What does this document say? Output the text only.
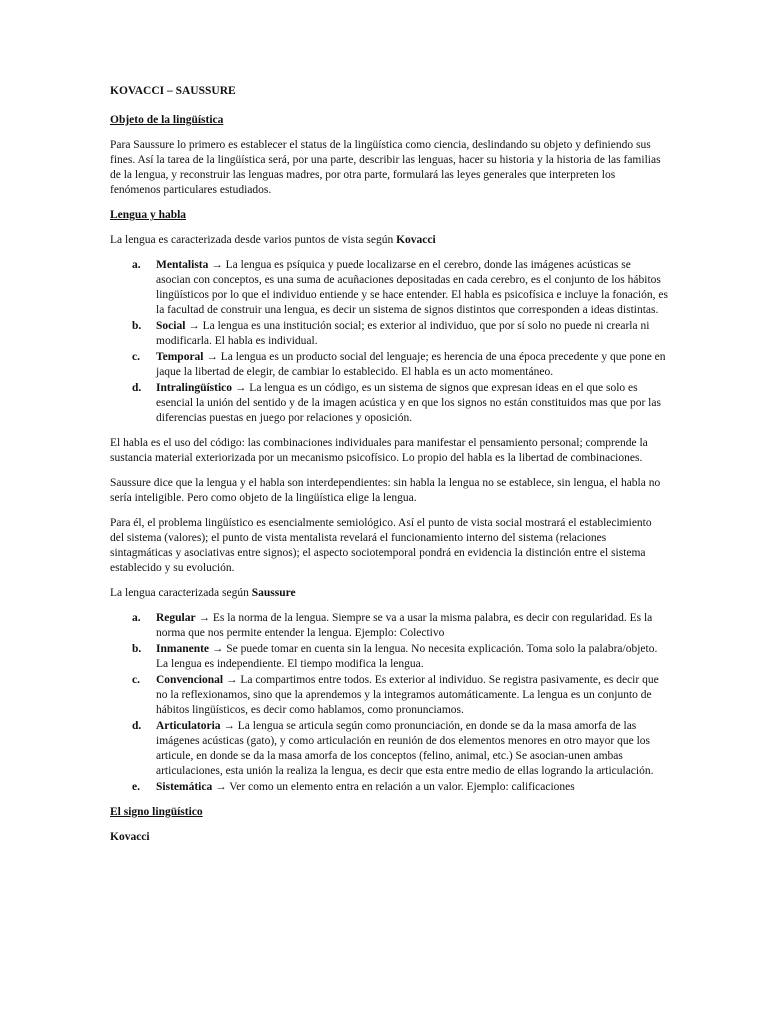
KOVACCI – SAUSSURE
Objeto de la lingüística

Para Saussure lo primero es establecer el status de la lingüística como ciencia, deslindando su objeto y definiendo sus fines. Así la tarea de la lingüística será, por una parte, describir las lenguas, hacer su historia y la historia de las familias de la lengua, y reconstruir las lenguas madres, por otra parte, formulará las leyes generales que interpreten los fenómenos particulares estudiados.

Lengua y habla

La lengua es caracterizada desde varios puntos de vista según Kovacci

a. Mentalista → La lengua es psíquica y puede localizarse en el cerebro, donde las imágenes acústicas se asocian con conceptos, es una suma de acuñaciones depositadas en cada cerebro, es el conjunto de los hábitos lingüísticos por lo que el individuo entiende y se hace entender. El habla es psicofísica e incluye la fonación, es la facultad de construir una lengua, es decir un sistema de signos distintos que corresponden a ideas distintas.
b. Social → La lengua es una institución social; es exterior al individuo, que por sí solo no puede ni crearla ni modificarla. El habla es individual.
c. Temporal → La lengua es un producto social del lenguaje; es herencia de una época precedente y que pone en jaque la libertad de elegir, de cambiar lo establecido. El habla es un acto momentáneo.
d. Intralingüístico → La lengua es un código, es un sistema de signos que expresan ideas en el que solo es esencial la unión del sentido y de la imagen acústica y en que los signos no están constituidos mas que por las diferencias puestas en juego por relaciones y oposición.

El habla es el uso del código: las combinaciones individuales para manifestar el pensamiento personal; comprende la sustancia material exteriorizada por un mecanismo psicofísico. Lo propio del habla es la libertad de combinaciones.

Saussure dice que la lengua y el habla son interdependientes: sin habla la lengua no se establece, sin lengua, el habla no sería inteligible. Pero como objeto de la lingüística elige la lengua.

Para él, el problema lingüístico es esencialmente semiológico. Así el punto de vista social mostrará el establecimiento del sistema (valores); el punto de vista mentalista revelará el funcionamiento interno del sistema (relaciones sintagmáticas y asociativas entre signos); el aspecto sociotemporal pondrá en evidencia la distinción entre el sistema establecido y su evolución.

La lengua caracterizada según Saussure

a. Regular → Es la norma de la lengua. Siempre se va a usar la misma palabra, es decir con regularidad. Es la norma que nos permite entender la lengua. Ejemplo: Colectivo
b. Inmanente → Se puede tomar en cuenta sin la lengua. No necesita explicación. Toma solo la palabra/objeto. La lengua es independiente. El tiempo modifica la lengua.
c. Convencional → La compartimos entre todos. Es exterior al individuo. Se registra pasivamente, es decir que no la reflexionamos, sino que la aprendemos y la integramos automáticamente. La lengua es un conjunto de hábitos lingüísticos, es decir como hablamos, como pronunciamos.
d. Articulatoria → La lengua se articula según como pronunciación, en donde se da la masa amorfa de las imágenes acústicas (gato), y como articulación en reunión de dos elementos menores en otro mayor que los articule, en donde se da la masa amorfa de los conceptos (felino, animal, etc.) Se asocian-unen ambas articulaciones, esta unión la realiza la lengua, es decir que esta entre medio de ellas logrando la articulación.
e. Sistemática → Ver como un elemento entra en relación a un valor. Ejemplo: calificaciones
El signo lingüístico
Kovacci
